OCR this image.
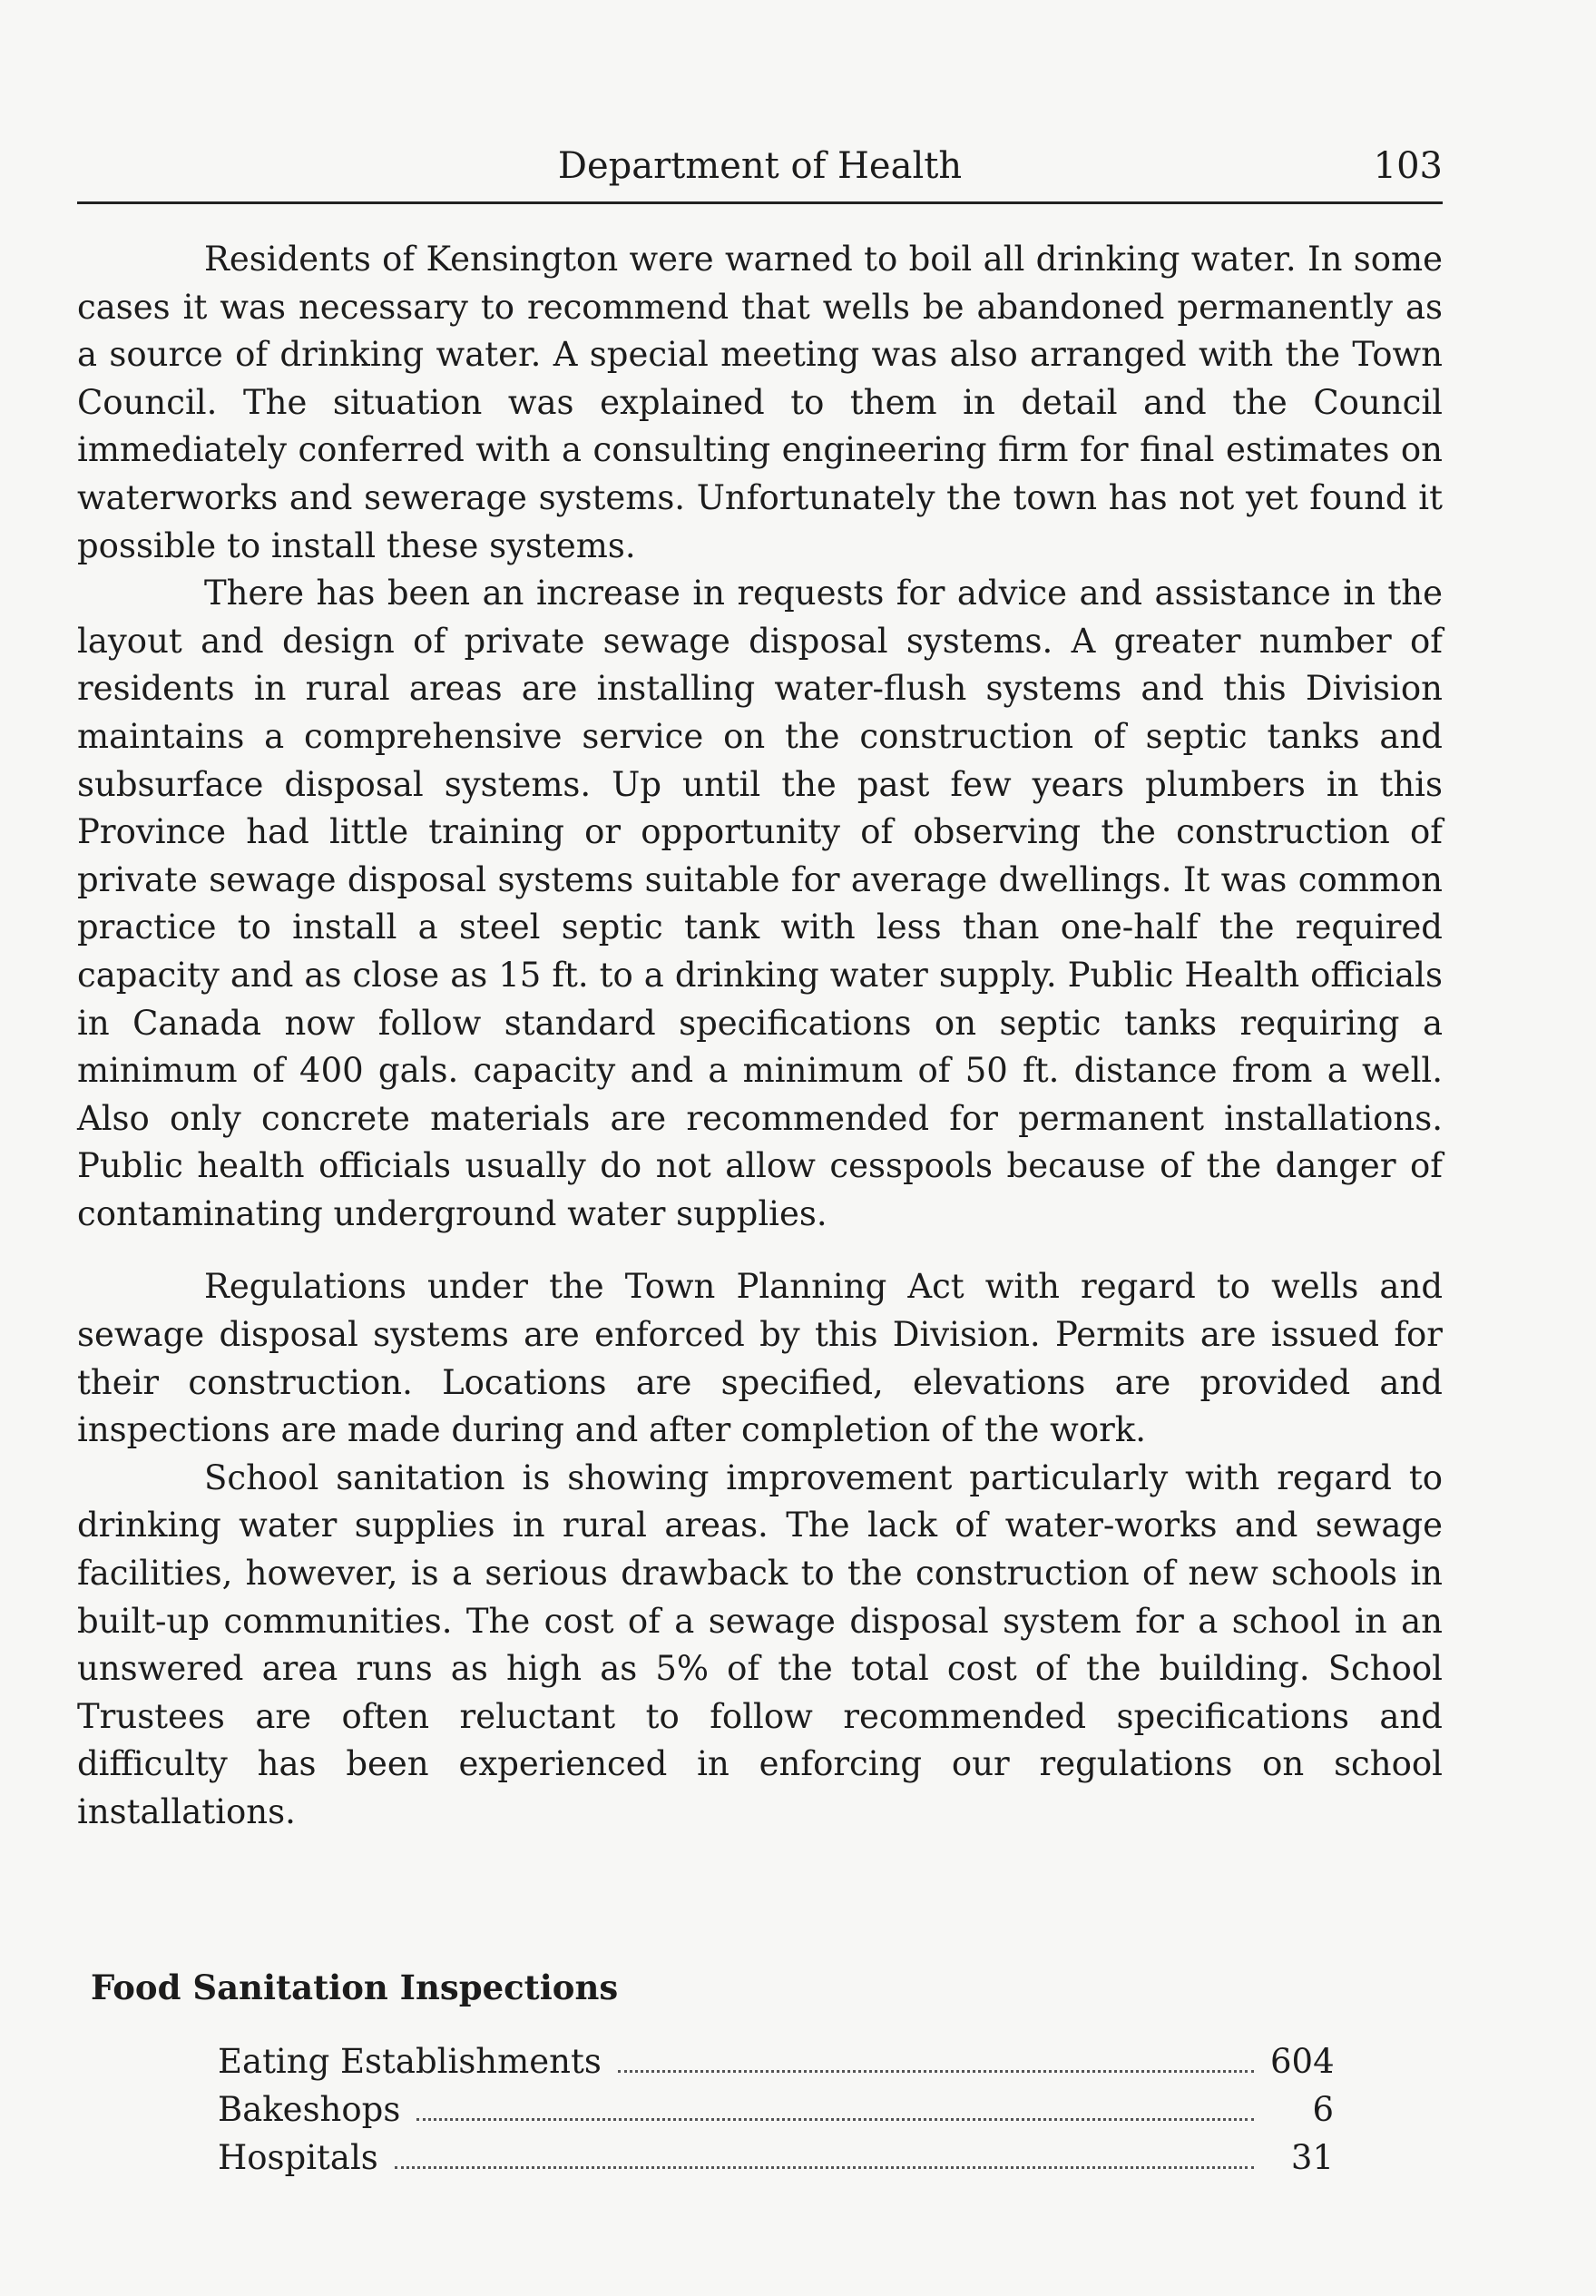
Department of Health	103

Residents of Kensington were warned to boil all drinking water. In some cases it was necessary to recommend that wells be abandoned permanently as a source of drinking water. A special meeting was also arranged with the Town Council. The situation was explained to them in detail and the Council immediately conferred with a consulting engineering firm for final estimates on waterworks and sewerage systems. Unfortunately the town has not yet found it possible to install these systems.

There has been an increase in requests for advice and assistance in the layout and design of private sewage disposal systems. A greater number of residents in rural areas are installing water-flush systems and this Division maintains a comprehensive service on the construction of septic tanks and subsurface disposal systems. Up until the past few years plumbers in this Province had little training or opportunity of observing the construction of private sewage disposal systems suitable for average dwellings. It was common practice to install a steel septic tank with less than one-half the required capacity and as close as 15 ft. to a drinking water supply. Public Health officials in Canada now follow standard specifications on septic tanks requiring a minimum of 400 gals. capacity and a minimum of 50 ft. distance from a well. Also only concrete materials are recommended for permanent installations. Public health officials usually do not allow cesspools because of the danger of contaminating underground water supplies.

Regulations under the Town Planning Act with regard to wells and sewage disposal systems are enforced by this Division. Permits are issued for their construction. Locations are specified, elevations are provided and inspections are made during and after completion of the work.

School sanitation is showing improvement particularly with regard to drinking water supplies in rural areas. The lack of water-works and sewage facilities, however, is a serious drawback to the construction of new schools in built-up communities. The cost of a sewage disposal system for a school in an unswered area runs as high as 5% of the total cost of the building. School Trustees are often reluctant to follow recommended specifications and difficulty has been experienced in enforcing our regulations on school installations.

Food Sanitation Inspections
Eating Establishments	604
Bakeshops	6
Hospitals	31
